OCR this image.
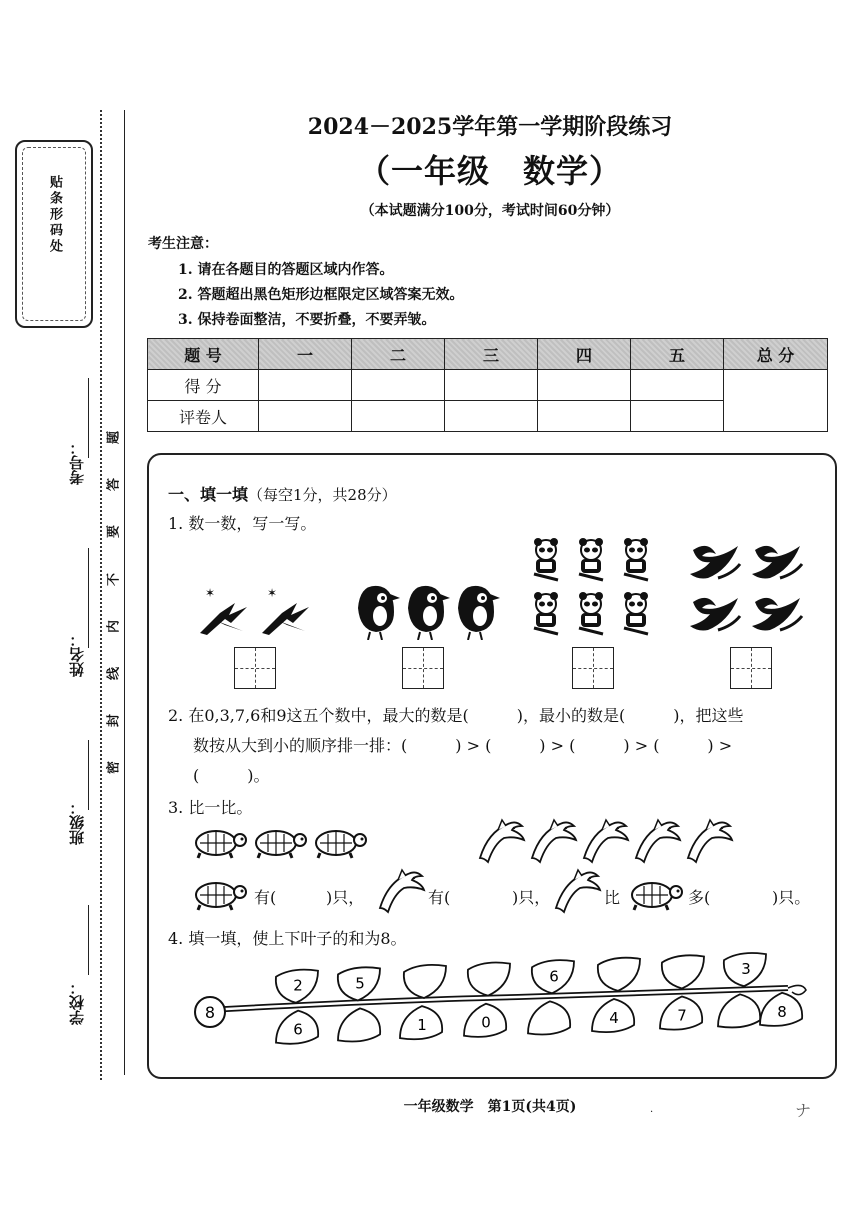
贴条形码处
考号：
姓名：
班级：
学校：
题
答
要
不
内
线
封
密
2024－2025学年第一学期阶段练习
（一年级　数学）
（本试题满分100分，考试时间60分钟）
考生注意：
1. 请在各题目的答题区域内作答。
2. 答题超出黑色矩形边框限定区域答案无效。
3. 保持卷面整洁，不要折叠，不要弄皱。
题 号	一	二	三	四	五	总 分
得 分						
评卷人						
一、填一填（每空1分，共28分）
1. 数一数，写一写。
✶	✶
2. 在0,3,7,6和9这五个数中，最大的数是(　　　)，最小的数是(　　　)，把这些
数按从大到小的顺序排一排：(　　　) > (　　　) > (　　　) > (　　　) >
(　　　)。
3. 比一比。
有(	)只，	有(	)只，	比	多(	)只。
4. 填一填，使上下叶子的和为8。
2	5	6	3
6	1	0	4	7	8
8
一年级数学　第1页(共4页)	.	ナ
